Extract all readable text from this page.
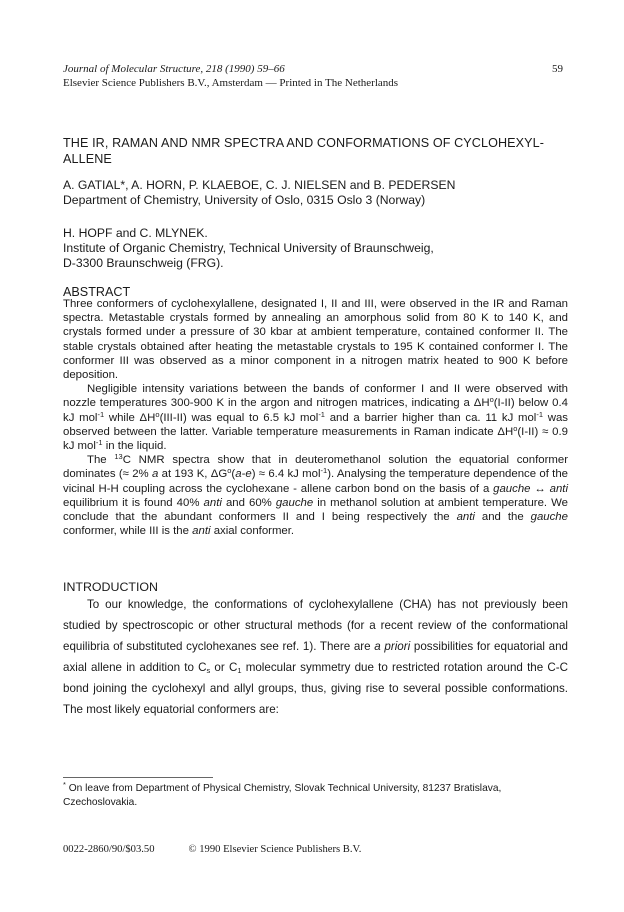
Journal of Molecular Structure, 218 (1990) 59–66
Elsevier Science Publishers B.V., Amsterdam — Printed in The Netherlands
59
THE IR, RAMAN AND NMR SPECTRA AND CONFORMATIONS OF CYCLOHEXYL-ALLENE
A. GATIAL*, A. HORN, P. KLAEBOE, C. J. NIELSEN and B. PEDERSEN
Department of Chemistry, University of Oslo, 0315 Oslo 3 (Norway)
H. HOPF and C. MLYNEK.
Institute of Organic Chemistry, Technical University of Braunschweig,
D-3300 Braunschweig (FRG).
ABSTRACT

Three conformers of cyclohexylallene, designated I, II and III, were observed in the IR and Raman spectra. Metastable crystals formed by annealing an amorphous solid from 80 K to 140 K, and crystals formed under a pressure of 30 kbar at ambient temperature, contained conformer II. The stable crystals obtained after heating the metastable crystals to 195 K contained conformer I. The conformer III was observed as a minor component in a nitrogen matrix heated to 900 K before deposition.

Negligible intensity variations between the bands of conformer I and II were observed with nozzle temperatures 300-900 K in the argon and nitrogen matrices, indicating a $\Delta H^o(I-II)$ below 0.4 kJ mol$^{-1}$ while $\Delta H^o(III-II)$ was equal to 6.5 kJ mol$^{-1}$ and a barrier higher than ca. 11 kJ mol$^{-1}$ was observed between the latter. Variable temperature measurements in Raman indicate $\Delta H^o(I-II) \approx 0.9$ kJ mol$^{-1}$ in the liquid.

The $^{13}$C NMR spectra show that in deuteromethanol solution the equatorial conformer dominates (≈ 2% a at 193 K, $\Delta G^o(a-e) \approx 6.4$ kJ mol$^{-1}$). Analysing the temperature dependence of the vicinal H-H coupling across the cyclohexane - allene carbon bond on the basis of a gauche ↔ anti equilibrium it is found 40% anti and 60% gauche in methanol solution at ambient temperature. We conclude that the abundant conformers II and I being respectively the anti and the gauche conformer, while III is the anti axial conformer.

INTRODUCTION

To our knowledge, the conformations of cyclohexylallene (CHA) has not previously been studied by spectroscopic or other structural methods (for a recent review of the conformational equilibria of substituted cyclohexanes see ref. 1). There are a priori possibilities for equatorial and axial allene in addition to $C_s$ or $C_1$ molecular symmetry due to restricted rotation around the C-C bond joining the cyclohexyl and allyl groups, thus, giving rise to several possible conformations. The most likely equatorial conformers are:

* On leave from Department of Physical Chemistry, Slovak Technical University, 81237 Bratislava, Czechoslovakia.
0022-2860/90/$03.50	© 1990 Elsevier Science Publishers B.V.
